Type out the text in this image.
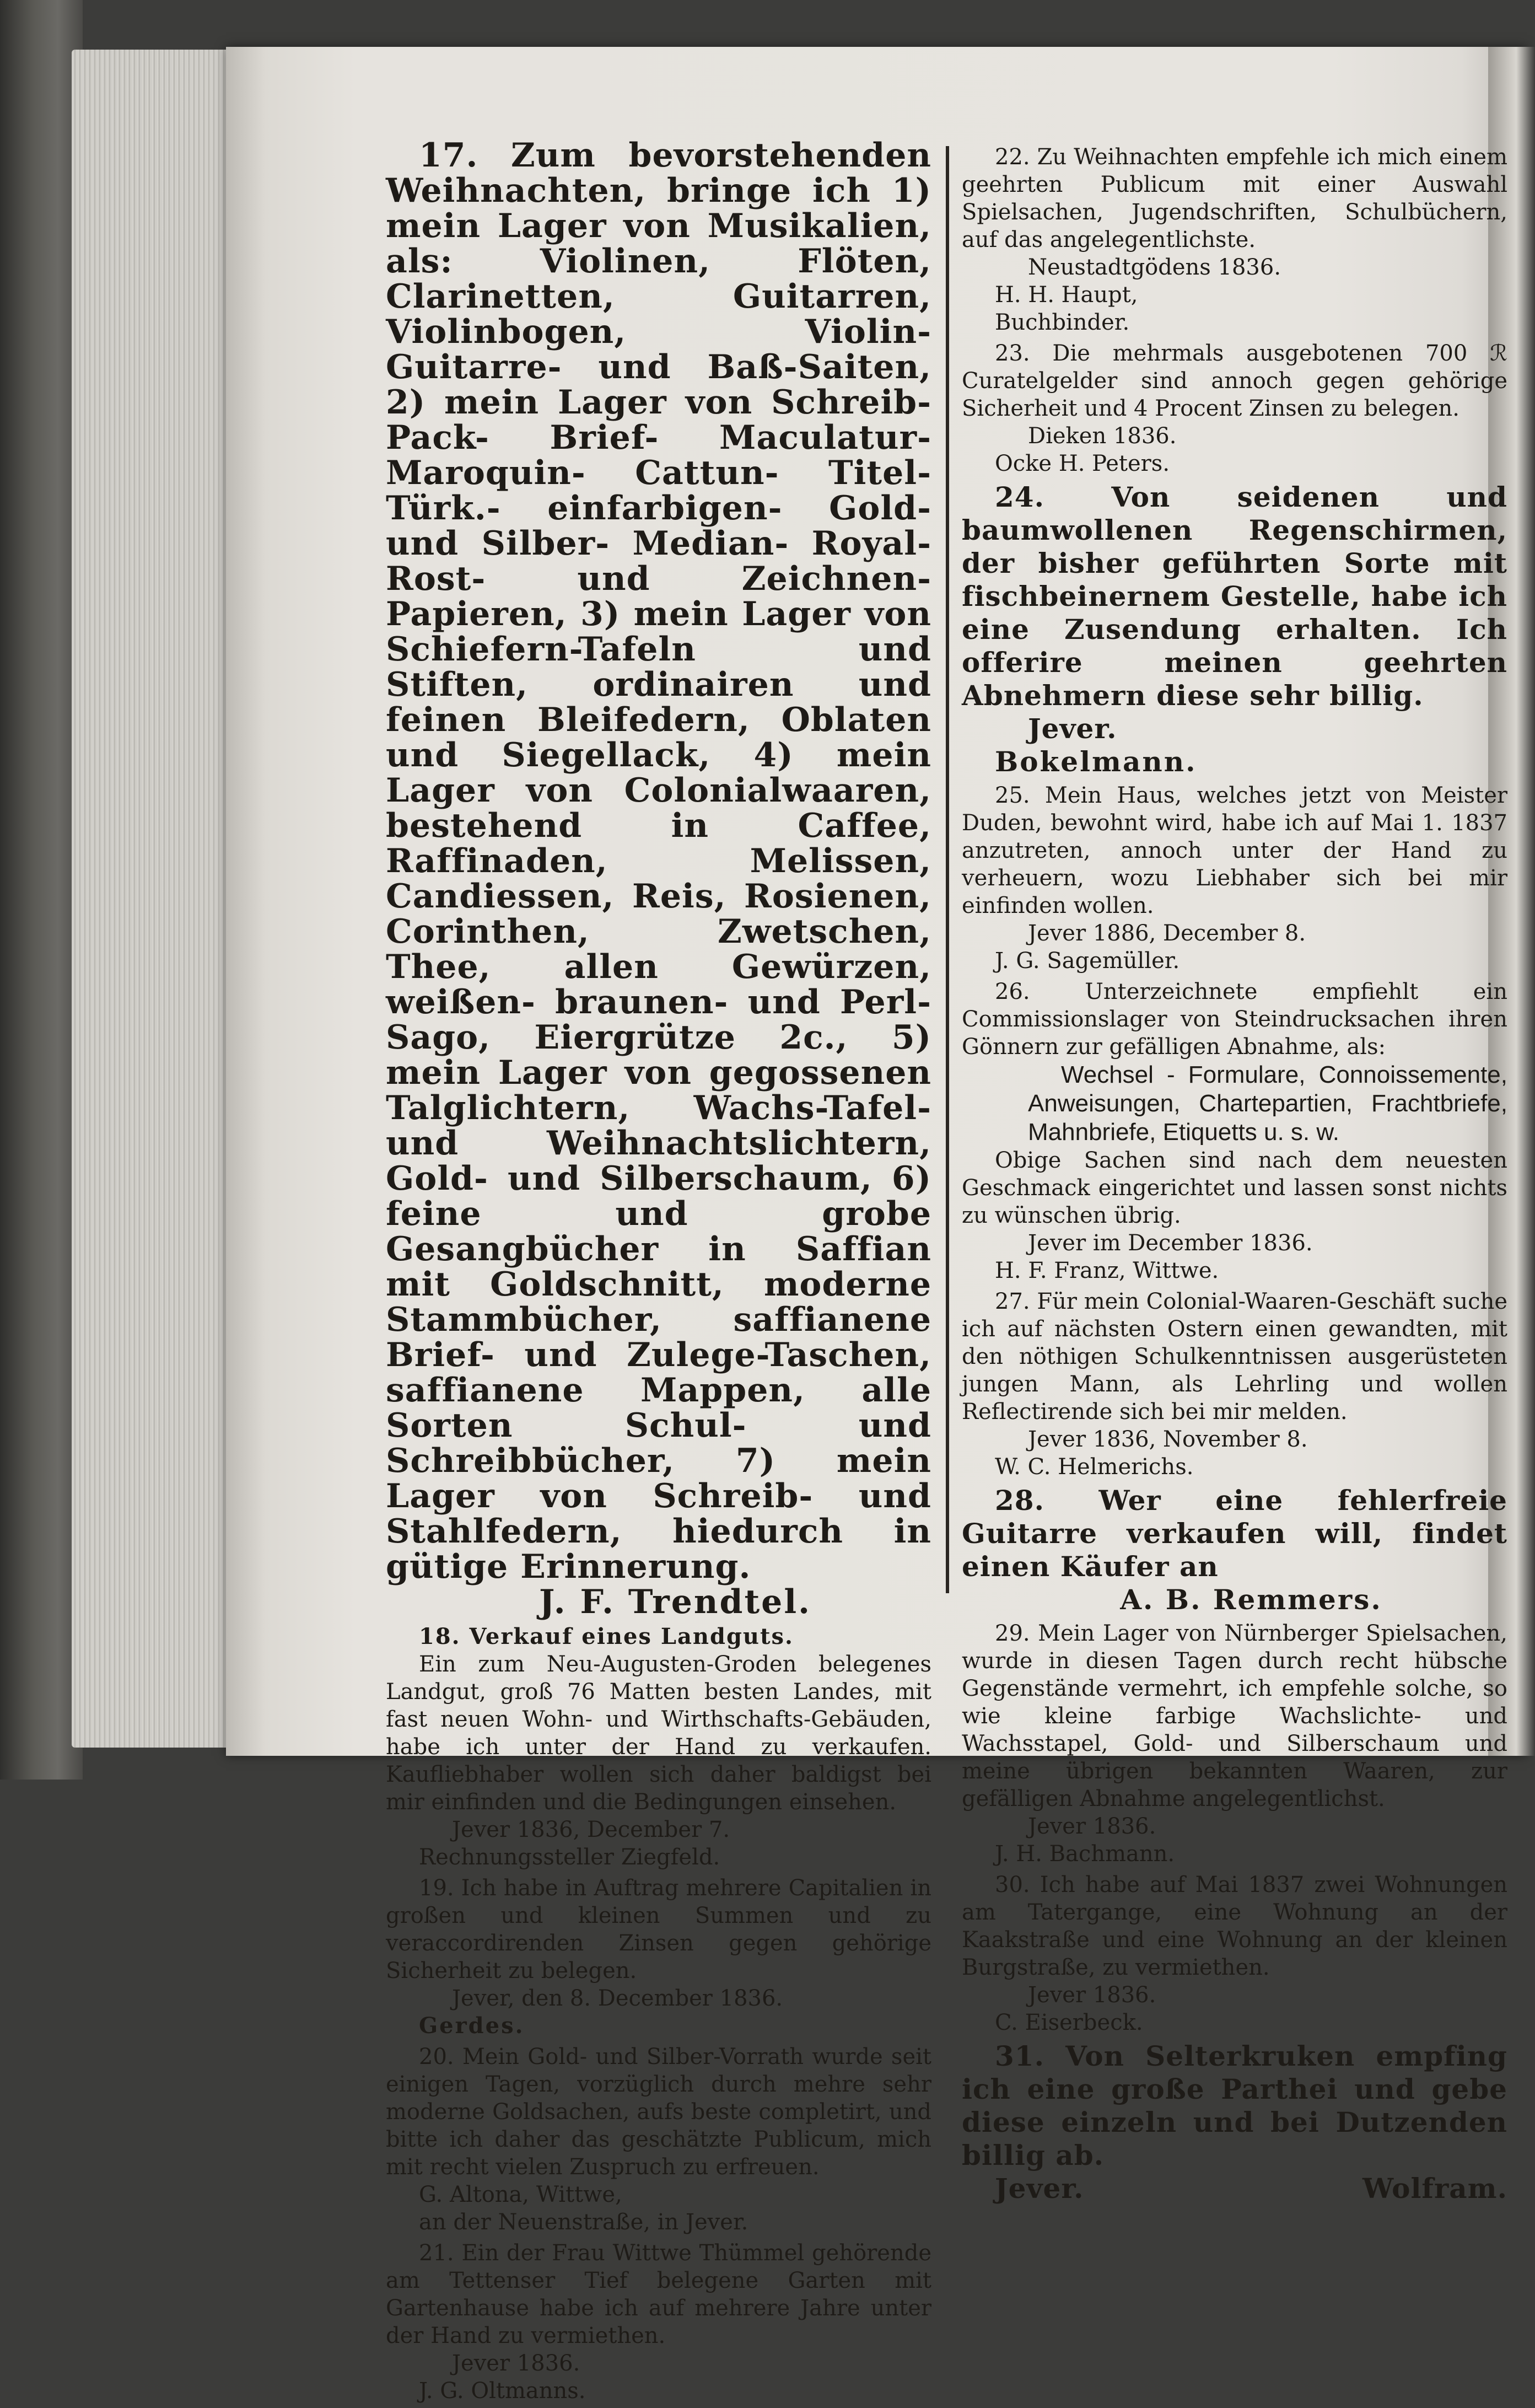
17. Zum bevorstehenden Weihnachten, bringe ich 1) mein Lager von Musikalien, als: Violinen, Flöten, Clarinetten, Guitarren, Violinbogen, Violin-Guitarre- und Baß-Saiten, 2) mein Lager von Schreib- Pack- Brief- Maculatur- Maroquin- Cattun- Titel- Türk.- einfarbigen- Gold- und Silber- Median- Royal- Rost- und Zeichnen-Papieren, 3) mein Lager von Schiefern-Tafeln und Stiften, ordinairen und feinen Bleifedern, Oblaten und Siegellack, 4) mein Lager von Colonialwaaren, bestehend in Caffee, Raffinaden, Melissen, Candiessen, Reis, Rosienen, Corinthen, Zwetschen, Thee, allen Gewürzen, weißen- braunen- und Perl-Sago, Eiergrütze 2c., 5) mein Lager von gegossenen Talglichtern, Wachs-Tafel- und Weihnachtslichtern, Gold- und Silberschaum, 6) feine und grobe Gesangbücher in Saffian mit Goldschnitt, moderne Stammbücher, saffianene Brief- und Zulege-Taschen, saffianene Mappen, alle Sorten Schul- und Schreibbücher, 7) mein Lager von Schreib- und Stahlfedern, hiedurch in gütige Erinnerung.

J. F. Trendtel.

18. Verkauf eines Landguts.

Ein zum Neu-Augusten-Groden belegenes Landgut, groß 76 Matten besten Landes, mit fast neuen Wohn- und Wirthschafts-Gebäuden, habe ich unter der Hand zu verkaufen. Kaufliebhaber wollen sich daher baldigst bei mir einfinden und die Bedingungen einsehen.

Jever 1836, December 7.

Rechnungssteller Ziegfeld.

19. Ich habe in Auftrag mehrere Capitalien in großen und kleinen Summen und zu veraccordirenden Zinsen gegen gehörige Sicherheit zu belegen.

Jever, den 8. December 1836.

Gerdes.

20. Mein Gold- und Silber-Vorrath wurde seit einigen Tagen, vorzüglich durch mehre sehr moderne Goldsachen, aufs beste completirt, und bitte ich daher das geschätzte Publicum, mich mit recht vielen Zuspruch zu erfreuen.

G. Altona, Wittwe,

an der Neuenstraße, in Jever.

21. Ein der Frau Wittwe Thümmel gehörende am Tettenser Tief belegene Garten mit Gartenhause habe ich auf mehrere Jahre unter der Hand zu vermiethen.

Jever 1836.

J. G. Oltmanns.

22. Zu Weihnachten empfehle ich mich einem geehrten Publicum mit einer Auswahl Spielsachen, Jugendschriften, Schulbüchern, auf das angelegentlichste.

Neustadtgödens 1836.

H. H. Haupt,

Buchbinder.

23. Die mehrmals ausgebotenen 700 ℛ Curatelgelder sind annoch gegen gehörige Sicherheit und 4 Procent Zinsen zu belegen.

Dieken 1836.

Ocke H. Peters.

24. Von seidenen und baumwollenen Regenschirmen, der bisher geführten Sorte mit fischbeinernem Gestelle, habe ich eine Zusendung erhalten. Ich offerire meinen geehrten Abnehmern diese sehr billig.

Jever.

Bokelmann.

25. Mein Haus, welches jetzt von Meister Duden, bewohnt wird, habe ich auf Mai 1. 1837 anzutreten, annoch unter der Hand zu verheuern, wozu Liebhaber sich bei mir einfinden wollen.

Jever 1886, December 8.

J. G. Sagemüller.

26. Unterzeichnete empfiehlt ein Commissionslager von Steindrucksachen ihren Gönnern zur gefälligen Abnahme, als:

Wechsel - Formulare, Connoissemente, Anweisungen, Chartepartien, Frachtbriefe, Mahnbriefe, Etiquetts u. s. w.

Obige Sachen sind nach dem neuesten Geschmack eingerichtet und lassen sonst nichts zu wünschen übrig.

Jever im December 1836.

H. F. Franz, Wittwe.

27. Für mein Colonial-Waaren-Geschäft suche ich auf nächsten Ostern einen gewandten, mit den nöthigen Schulkenntnissen ausgerüsteten jungen Mann, als Lehrling und wollen Reflectirende sich bei mir melden.

Jever 1836, November 8.

W. C. Helmerichs.

28. Wer eine fehlerfreie Guitarre verkaufen will, findet einen Käufer an

A. B. Remmers.

29. Mein Lager von Nürnberger Spielsachen, wurde in diesen Tagen durch recht hübsche Gegenstände vermehrt, ich empfehle solche, so wie kleine farbige Wachslichte- und Wachsstapel, Gold- und Silberschaum und meine übrigen bekannten Waaren, zur gefälligen Abnahme angelegentlichst.

Jever 1836.

J. H. Bachmann.

30. Ich habe auf Mai 1837 zwei Wohnungen am Tatergange, eine Wohnung an der Kaakstraße und eine Wohnung an der kleinen Burgstraße, zu vermiethen.

Jever 1836.

C. Eiserbeck.

31. Von Selterkruken empfing ich eine große Parthei und gebe diese einzeln und bei Dutzenden billig ab.

Jever.	Wolfram.
